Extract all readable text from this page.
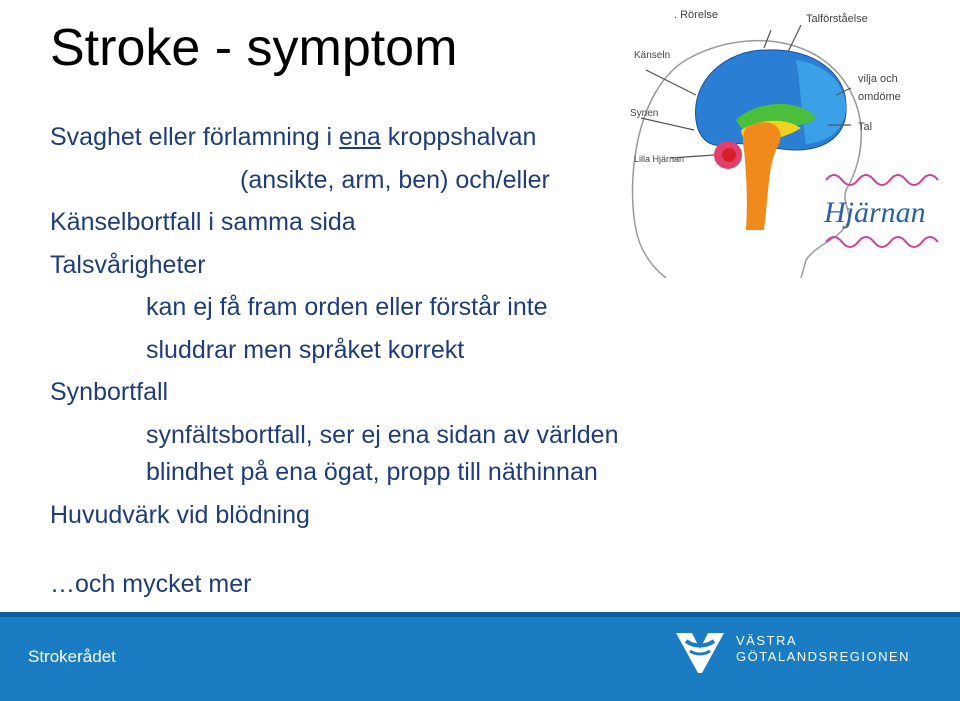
Stroke - symptom
Svaghet eller förlamning i ena kroppshalvan
(ansikte, arm, ben) och/eller
Känselbortfall i samma sida
Talsvårigheter
kan ej få fram orden eller förstår inte
sluddrar men språket korrekt
Synbortfall
synfältsbortfall, ser ej ena sidan av världen
blindhet på ena ögat, propp till näthinnan
Huvudvärk vid blödning
…och mycket mer
. Rörelse	Talförståelse
Känseln
Synen
Lilla Hjärnan
vilja och
omdöme
Tal
Hjärnan
Strokerådet
VÄSTRA
GÖTALANDSREGIONEN
